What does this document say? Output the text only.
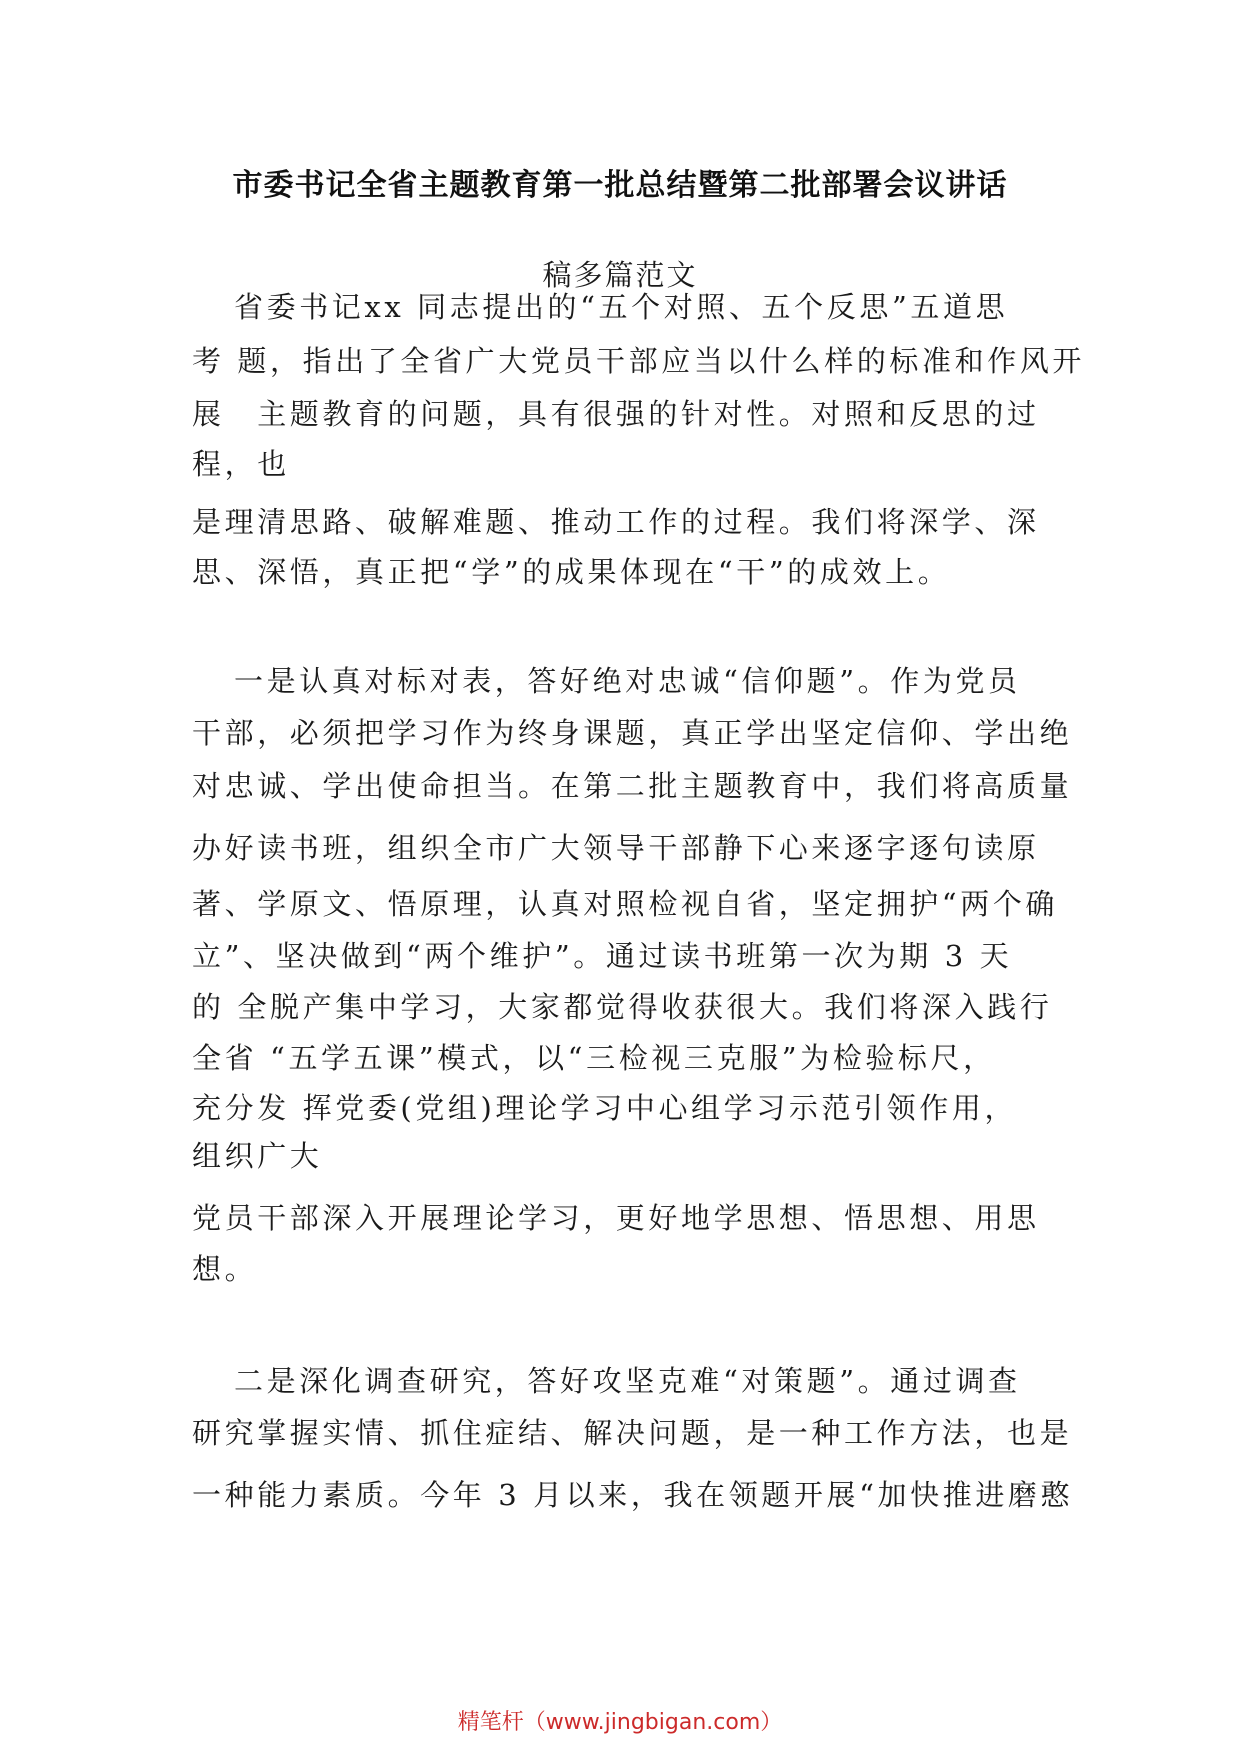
市委书记全省主题教育第一批总结暨第二批部署会议讲话
稿多篇范文
省委书记xx 同志提出的“五个对照、五个反思”五道思
考 题，指出了全省广大党员干部应当以什么样的标准和作风开
展　主题教育的问题，具有很强的针对性。对照和反思的过
程，也
是理清思路、破解难题、推动工作的过程。我们将深学、深
思、深悟，真正把“学”的成果体现在“干”的成效上。
一是认真对标对表，答好绝对忠诚“信仰题”。作为党员
干部，必须把学习作为终身课题，真正学出坚定信仰、学出绝
对忠诚、学出使命担当。在第二批主题教育中，我们将高质量
办好读书班，组织全市广大领导干部静下心来逐字逐句读原
著、学原文、悟原理，认真对照检视自省，坚定拥护“两个确
立”、坚决做到“两个维护”。通过读书班第一次为期 3 天
的 全脱产集中学习，大家都觉得收获很大。我们将深入践行
全省 “五学五课”模式，以“三检视三克服”为检验标尺，
充分发 挥党委(党组)理论学习中心组学习示范引领作用，
组织广大
党员干部深入开展理论学习，更好地学思想、悟思想、用思
想。
二是深化调查研究，答好攻坚克难“对策题”。通过调查
研究掌握实情、抓住症结、解决问题，是一种工作方法，也是
一种能力素质。今年 3 月以来，我在领题开展“加快推进磨憨
精笔杆（www.jingbigan.com）
